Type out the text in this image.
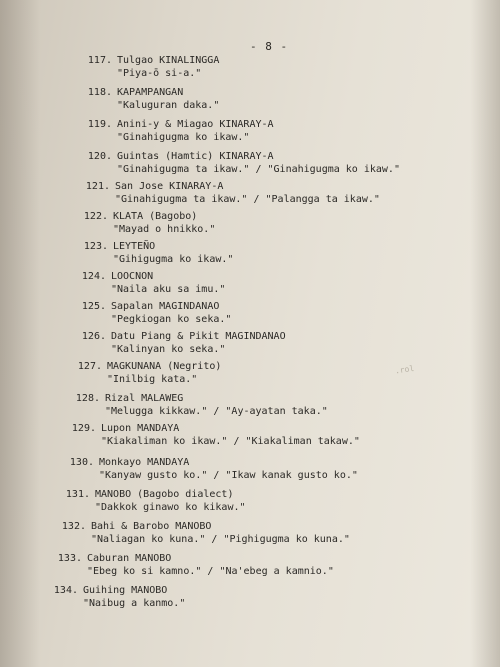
- 8 -
.rol
117. Tulgao KINALINGGA
"Piya-ō si-a."
118. KAPAMPANGAN
"Kaluguran daka."
119. Anini-y & Miagao KINARAY-A
"Ginahigugma ko ikaw."
120. Guintas (Hamtic) KINARAY-A
"Ginahigugma ta ikaw." / "Ginahigugma ko ikaw."
121. San Jose KINARAY-A
"Ginahigugma ta ikaw." / "Palangga ta ikaw."
122. KLATA (Bagobo)
"Mayad o hnikko."
123. LEYTEÑO
"Gihigugma ko ikaw."
124. LOOCNON
"Naila aku sa imu."
125. Sapalan MAGINDANAO
"Pegkiogan ko seka."
126. Datu Piang & Pikit MAGINDANAO
"Kalinyan ko seka."
127. MAGKUNANA (Negrito)
"Inilbig kata."
128. Rizal MALAWEG
"Melugga kikkaw." / "Ay-ayatan taka."
129. Lupon MANDAYA
"Kiakaliman ko ikaw." / "Kiakaliman takaw."
130. Monkayo MANDAYA
"Kanyaw gusto ko." / "Ikaw kanak gusto ko."
131. MANOBO (Bagobo dialect)
"Dakkok ginawo ko kikaw."
132. Bahi & Barobo MANOBO
"Naliagan ko kuna." / "Pighigugma ko kuna."
133. Caburan MANOBO
"Ebeg ko si kamno." / "Na'ebeg a kamnio."
134. Guihing MANOBO
"Naibug a kanmo."
